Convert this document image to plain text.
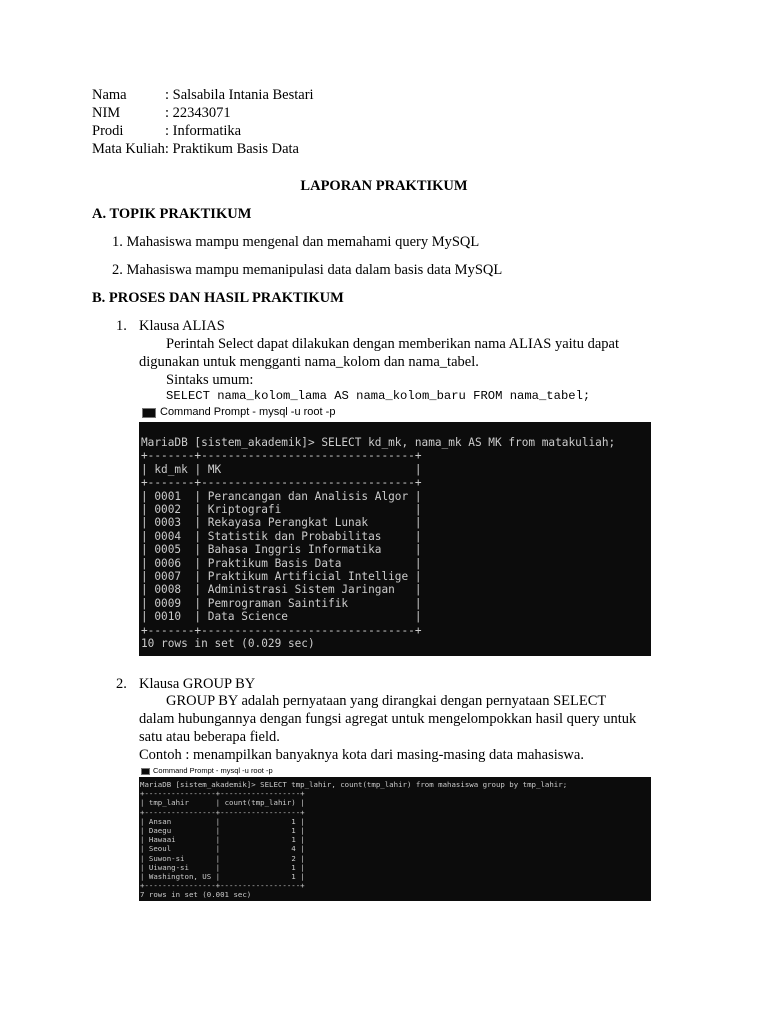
Nama	: Salsabila Intania Bestari
NIM	: 22343071
Prodi	: Informatika
Mata Kuliah: Praktikum Basis Data
LAPORAN PRAKTIKUM
A. TOPIK PRAKTIKUM
1. Mahasiswa mampu mengenal dan memahami query MySQL
2. Mahasiswa mampu memanipulasi data dalam basis data MySQL
B. PROSES DAN HASIL PRAKTIKUM
1. Klausa ALIAS
Perintah Select dapat dilakukan dengan memberikan nama ALIAS yaitu dapat
digunakan untuk mengganti nama_kolom dan nama_tabel.
Sintaks umum:
SELECT nama_kolom_lama AS nama_kolom_baru FROM nama_tabel;
Command Prompt - mysql -u root -p
MariaDB [sistem_akademik]> SELECT kd_mk, nama_mk AS MK from matakuliah;
+-------+--------------------------------+
| kd_mk | MK	|
+-------+--------------------------------+
| 0001  | Perancangan dan Analisis Algor |
| 0002  | Kriptografi	|
| 0003  | Rekayasa Perangkat Lunak	|
| 0004  | Statistik dan Probabilitas	|
| 0005  | Bahasa Inggris Informatika	|
| 0006  | Praktikum Basis Data	|
| 0007  | Praktikum Artificial Intellige |
| 0008  | Administrasi Sistem Jaringan   |
| 0009  | Pemrograman Saintifik	|
| 0010  | Data Science	|
+-------+--------------------------------+
10 rows in set (0.029 sec)
2. Klausa GROUP BY
GROUP BY adalah pernyataan yang dirangkai dengan pernyataan SELECT
dalam hubungannya dengan fungsi agregat untuk mengelompokkan hasil query untuk
satu atau beberapa field.
Contoh : menampilkan banyaknya kota dari masing-masing data mahasiswa.
Command Prompt - mysql -u root -p
MariaDB [sistem_akademik]> SELECT tmp_lahir, count(tmp_lahir) from mahasiswa group by tmp_lahir;
+----------------+------------------+
| tmp_lahir      | count(tmp_lahir) |
+----------------+------------------+
| Ansan          |                1 |
| Daegu          |                1 |
| Hawaai         |                1 |
| Seoul          |                4 |
| Suwon-si       |                2 |
| Uiwang-si      |                1 |
| Washington, US |                1 |
+----------------+------------------+
7 rows in set (0.001 sec)
